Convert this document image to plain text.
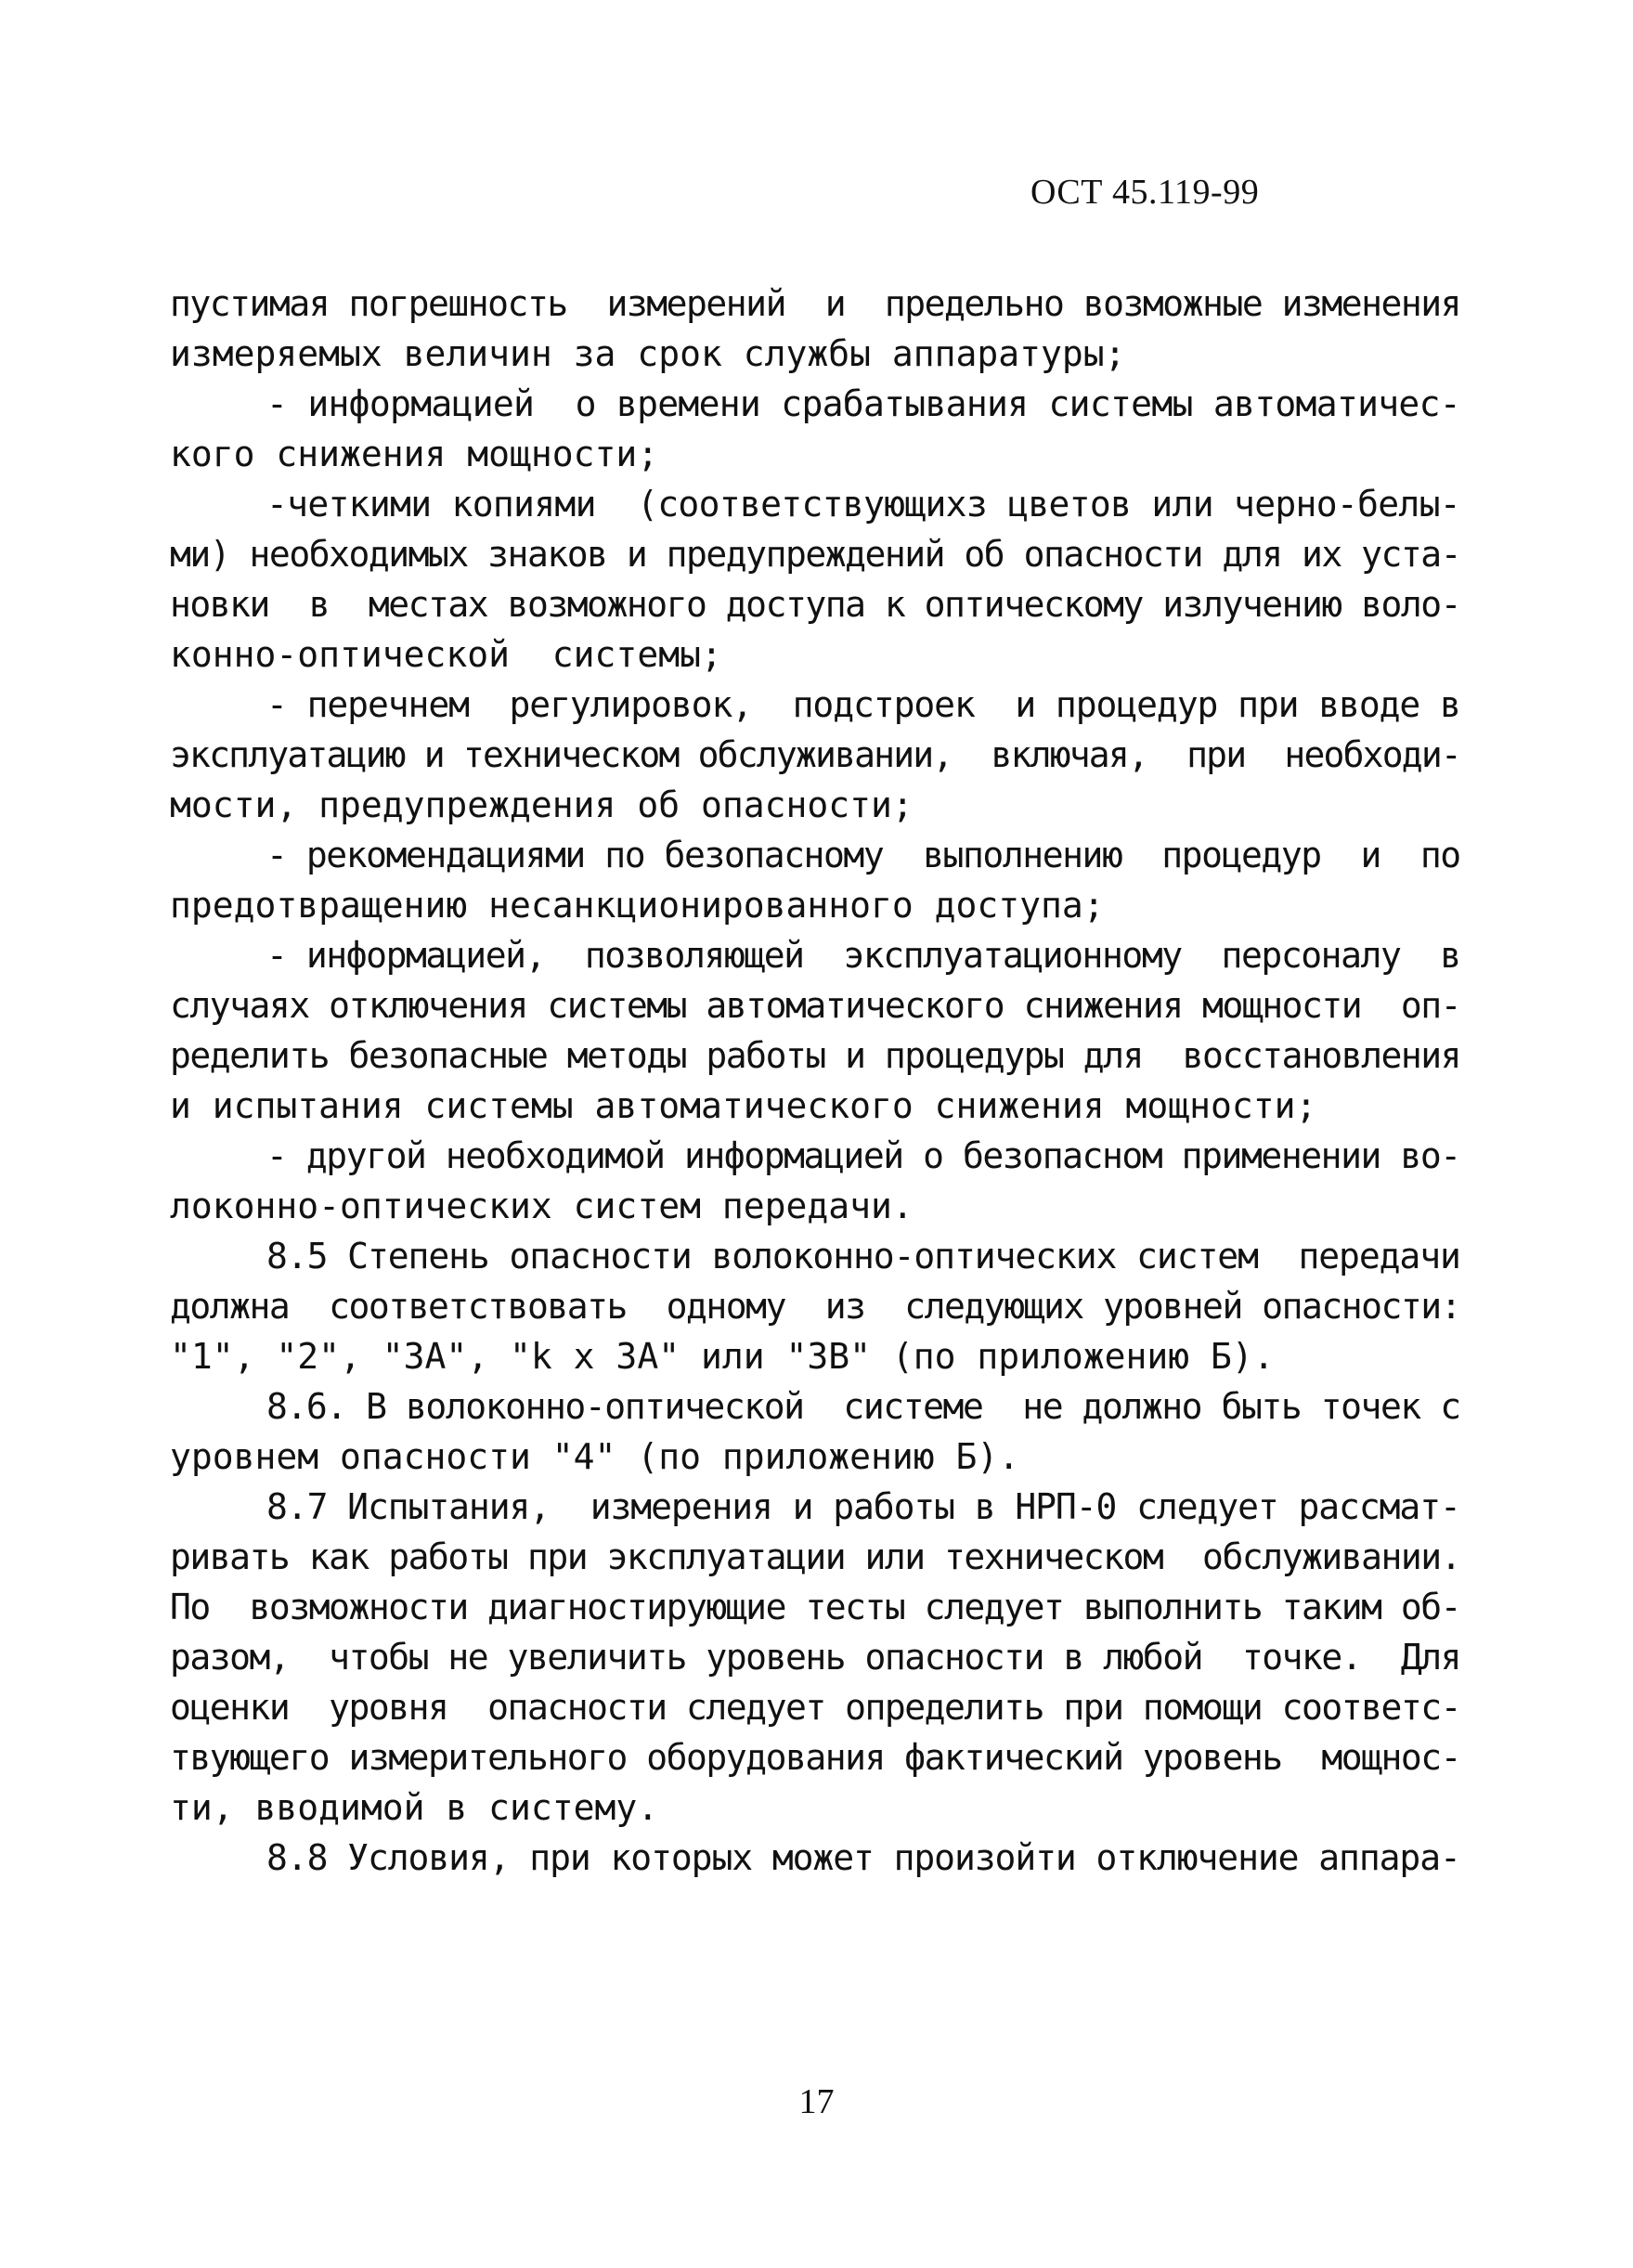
ОСТ 45.119-99
пустимая погрешность  измерений  и  предельно возможные изменения
измеряемых величин за срок службы аппаратуры;
- информацией  о времени срабатывания системы автоматичес-
кого снижения мощности;
-четкими копиями  (соответствующихз цветов или черно-белы-
ми) необходимых знаков и предупреждений об опасности для их уста-
новки  в  местах возможного доступа к оптическому излучению воло-
конно-оптической  системы;
- перечнем  регулировок,  подстроек  и процедур при вводе в
эксплуатацию и техническом обслуживании,  включая,  при  необходи-
мости, предупреждения об опасности;
- рекомендациями по безопасному  выполнению  процедур  и  по
предотвращению несанкционированного доступа;
- информацией,  позволяющей  эксплуатационному  персоналу  в
случаях отключения системы автоматического снижения мощности  оп-
ределить безопасные методы работы и процедуры для  восстановления
и испытания системы автоматического снижения мощности;
- другой необходимой информацией о безопасном применении во-
локонно-оптических систем передачи.
8.5 Степень опасности волоконно-оптических систем  передачи
должна  соответствовать  одному  из  следующих уровней опасности:
"1", "2", "3А", "k x 3А" или "3В" (по приложению Б).
8.6. В волоконно-оптической  системе  не должно быть точек с
уровнем опасности "4" (по приложению Б).
8.7 Испытания,  измерения и работы в НРП-0 следует рассмат-
ривать как работы при эксплуатации или техническом  обслуживании.
По  возможности диагностирующие тесты следует выполнить таким об-
разом,  чтобы не увеличить уровень опасности в любой  точке.  Для
оценки  уровня  опасности следует определить при помощи соответс-
твующего измерительного оборудования фактический уровень  мощнос-
ти, вводимой в систему.
8.8 Условия, при которых может произойти отключение аппара-
17
